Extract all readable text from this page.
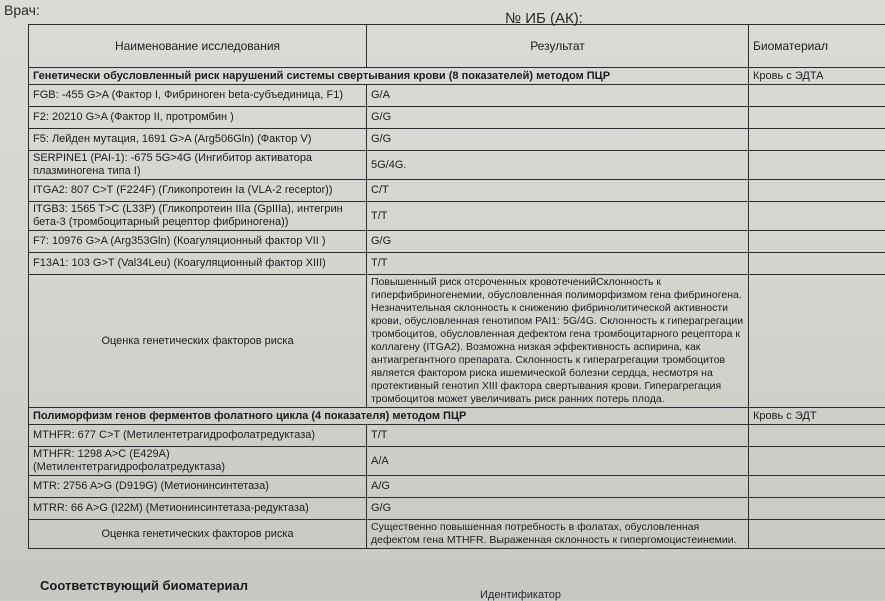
Врач:	№ ИБ (АК):
Наименование исследования	Результат	Биоматериал
Генетически обусловленный риск нарушений системы свертывания крови (8 показателей) методом ПЦР		Кровь с ЭДТА
FGB: -455 G>A (Фактор I, Фибриноген beta-субъединица, F1)	G/A	
F2: 20210 G>A (Фактор II, протромбин )	G/G	
F5: Лейден мутация, 1691 G>A (Arg506Gln) (Фактор V)	G/G	
SERPINE1 (PAI-1): -675 5G>4G (Ингибитор активатора плазминогена типа I)	5G/4G.	
ITGA2: 807 C>T (F224F) (Гликопротеин Ia (VLA-2 receptor))	C/T	
ITGB3: 1565 T>C (L33P) (Гликопротеин IIIa (GpIIIa), интегрин бета-3 (тромбоцитарный рецептор фибриногена))	T/T	
F7: 10976 G>A (Arg353Gln) (Коагуляционный фактор VII )	G/G	
F13A1: 103 G>T (Val34Leu) (Коагуляционный фактор XIII)	T/T	
Оценка генетических факторов риска	Повышенный риск отсроченных кровотеченийСклонность к гиперфибриногенемии, обусловленная полиморфизмом гена фибриногена. Незначительная склонность к снижению фибринолитической активности крови, обусловленная генотипом PAI1: 5G/4G. Склонность к гиперагрегации тромбоцитов, обусловленная дефектом гена тромбоцитарного рецептора к коллагену (ITGA2). Возможна низкая эффективность аспирина, как антиагрегантного препарата. Склонность к гиперагрегации тромбоцитов является фактором риска ишемической болезни сердца, несмотря на протективный генотип XIII фактора свертывания крови. Гиперагрегация тромбоцитов может увеличивать риск ранних потерь плода.	
Полиморфизм генов ферментов фолатного цикла (4 показателя) методом ПЦР		Кровь с ЭДТ
MTHFR: 677 C>T (Метилентетрагидрофолатредуктаза)	T/T	
MTHFR: 1298 A>C (E429A) (Метилентетрагидрофолатредуктаза)	A/A	
MTR: 2756 A>G (D919G) (Метионинсинтетаза)	A/G	
MTRR: 66 A>G (I22M) (Метионинсинтетаза-редуктаза)	G/G	
Оценка генетических факторов риска	Существенно повышенная потребность в фолатах, обусловленная дефектом гена MTHFR. Выраженная склонность к гипергомоцистеинемии.	
Соответствующий биоматериал
Идентификатор
